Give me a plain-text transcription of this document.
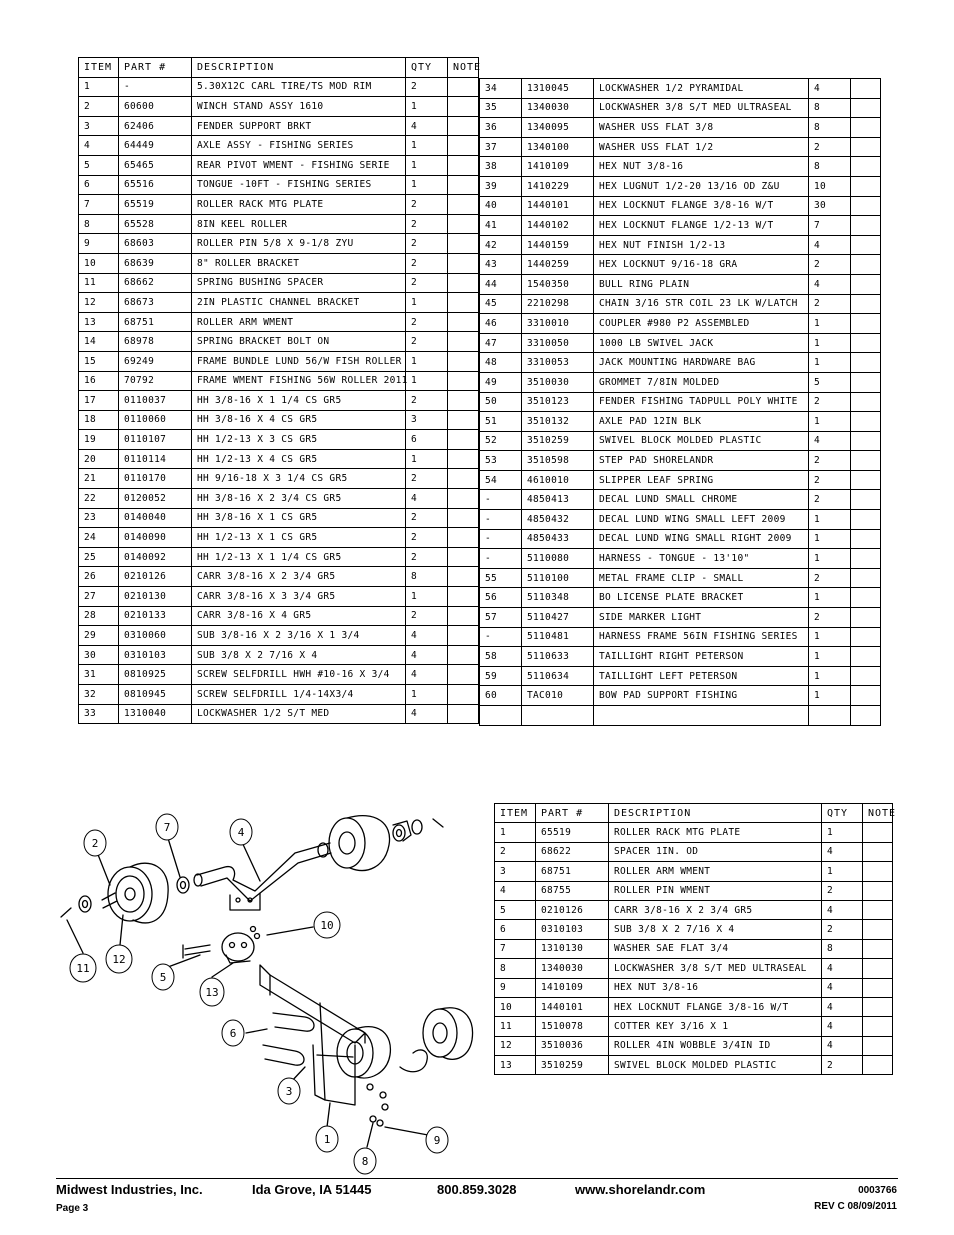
ITEM	PART #	DESCRIPTION	QTY	NOTE
1	-	5.30X12C CARL TIRE/TS MOD RIM	2	
2	60600	WINCH STAND ASSY 1610	1	
3	62406	FENDER SUPPORT BRKT	4	
4	64449	AXLE ASSY - FISHING SERIES	1	
5	65465	REAR PIVOT WMENT - FISHING SERIE	1	
6	65516	TONGUE -10FT - FISHING SERIES	1	
7	65519	ROLLER RACK MTG PLATE	2	
8	65528	8IN KEEL ROLLER	2	
9	68603	ROLLER PIN 5/8 X 9-1/8 ZYU	2	
10	68639	8" ROLLER BRACKET	2	
11	68662	SPRING BUSHING SPACER	2	
12	68673	2IN PLASTIC CHANNEL BRACKET	1	
13	68751	ROLLER ARM WMENT	2	
14	68978	SPRING BRACKET BOLT ON	2	
15	69249	FRAME BUNDLE LUND 56/W FISH ROLLER	1	
16	70792	FRAME WMENT FISHING 56W ROLLER 2011	1	
17	0110037	HH 3/8-16 X 1 1/4 CS GR5	2	
18	0110060	HH 3/8-16 X 4 CS GR5	3	
19	0110107	HH 1/2-13 X 3 CS GR5	6	
20	0110114	HH 1/2-13 X 4 CS GR5	1	
21	0110170	HH 9/16-18 X 3 1/4 CS GR5	2	
22	0120052	HH 3/8-16 X 2 3/4 CS GR5	4	
23	0140040	HH 3/8-16 X 1 CS GR5	2	
24	0140090	HH 1/2-13 X 1 CS GR5	2	
25	0140092	HH 1/2-13 X 1 1/4 CS GR5	2	
26	0210126	CARR 3/8-16 X 2 3/4 GR5	8	
27	0210130	CARR 3/8-16 X 3 3/4 GR5	1	
28	0210133	CARR 3/8-16 X 4 GR5	2	
29	0310060	SUB 3/8-16 X 2 3/16 X 1 3/4	4	
30	0310103	SUB 3/8 X 2 7/16 X 4	4	
31	0810925	SCREW SELFDRILL HWH #10-16 X 3/4	4	
32	0810945	SCREW SELFDRILL 1/4-14X3/4	1	
33	1310040	LOCKWASHER 1/2 S/T MED	4	
34	1310045	LOCKWASHER 1/2 PYRAMIDAL	4	
35	1340030	LOCKWASHER 3/8 S/T MED ULTRASEAL	8	
36	1340095	WASHER USS FLAT 3/8	8	
37	1340100	WASHER USS FLAT 1/2	2	
38	1410109	HEX NUT 3/8-16	8	
39	1410229	HEX LUGNUT 1/2-20 13/16 OD Z&U	10	
40	1440101	HEX LOCKNUT FLANGE 3/8-16 W/T	30	
41	1440102	HEX LOCKNUT FLANGE 1/2-13 W/T	7	
42	1440159	HEX NUT FINISH 1/2-13	4	
43	1440259	HEX LOCKNUT 9/16-18 GRA	2	
44	1540350	BULL RING PLAIN	4	
45	2210298	CHAIN 3/16 STR COIL 23 LK W/LATCH	2	
46	3310010	COUPLER #980 P2 ASSEMBLED	1	
47	3310050	1000 LB SWIVEL JACK	1	
48	3310053	JACK MOUNTING HARDWARE BAG	1	
49	3510030	GROMMET 7/8IN MOLDED	5	
50	3510123	FENDER FISHING TADPULL POLY WHITE	2	
51	3510132	AXLE PAD 12IN BLK	1	
52	3510259	SWIVEL BLOCK MOLDED PLASTIC	4	
53	3510598	STEP PAD SHORELANDR	2	
54	4610010	SLIPPER LEAF SPRING	2	
-	4850413	DECAL LUND SMALL CHROME	2	
-	4850432	DECAL LUND WING SMALL LEFT 2009	1	
-	4850433	DECAL LUND WING SMALL RIGHT 2009	1	
-	5110080	HARNESS - TONGUE - 13'10"	1	
55	5110100	METAL FRAME CLIP - SMALL	2	
56	5110348	BO LICENSE PLATE BRACKET	1	
57	5110427	SIDE MARKER LIGHT	2	
-	5110481	HARNESS FRAME 56IN FISHING SERIES	1	
58	5110633	TAILLIGHT RIGHT PETERSON	1	
59	5110634	TAILLIGHT LEFT PETERSON	1	
60	TAC010	BOW PAD SUPPORT FISHING	1	

2
7	4
10
11
12
5
13
6
3
1
8
9
ITEM	PART #	DESCRIPTION	QTY	NOTE
1	65519	ROLLER RACK MTG PLATE	1	
2	68622	SPACER 1IN. OD	4	
3	68751	ROLLER ARM WMENT	1	
4	68755	ROLLER PIN WMENT	2	
5	0210126	CARR 3/8-16 X 2 3/4 GR5	4	
6	0310103	SUB 3/8 X 2 7/16 X 4	2	
7	1310130	WASHER SAE FLAT 3/4	8	
8	1340030	LOCKWASHER 3/8 S/T MED ULTRASEAL	4	
9	1410109	HEX NUT 3/8-16	4	
10	1440101	HEX LOCKNUT FLANGE 3/8-16 W/T	4	
11	1510078	COTTER KEY 3/16 X 1	4	
12	3510036	ROLLER 4IN WOBBLE 3/4IN ID	4	
13	3510259	SWIVEL BLOCK MOLDED PLASTIC	2	
Midwest Industries, Inc.	Ida Grove, IA 51445	800.859.3028	www.shorelandr.com	0003766
Page 3	REV C 08/09/2011
